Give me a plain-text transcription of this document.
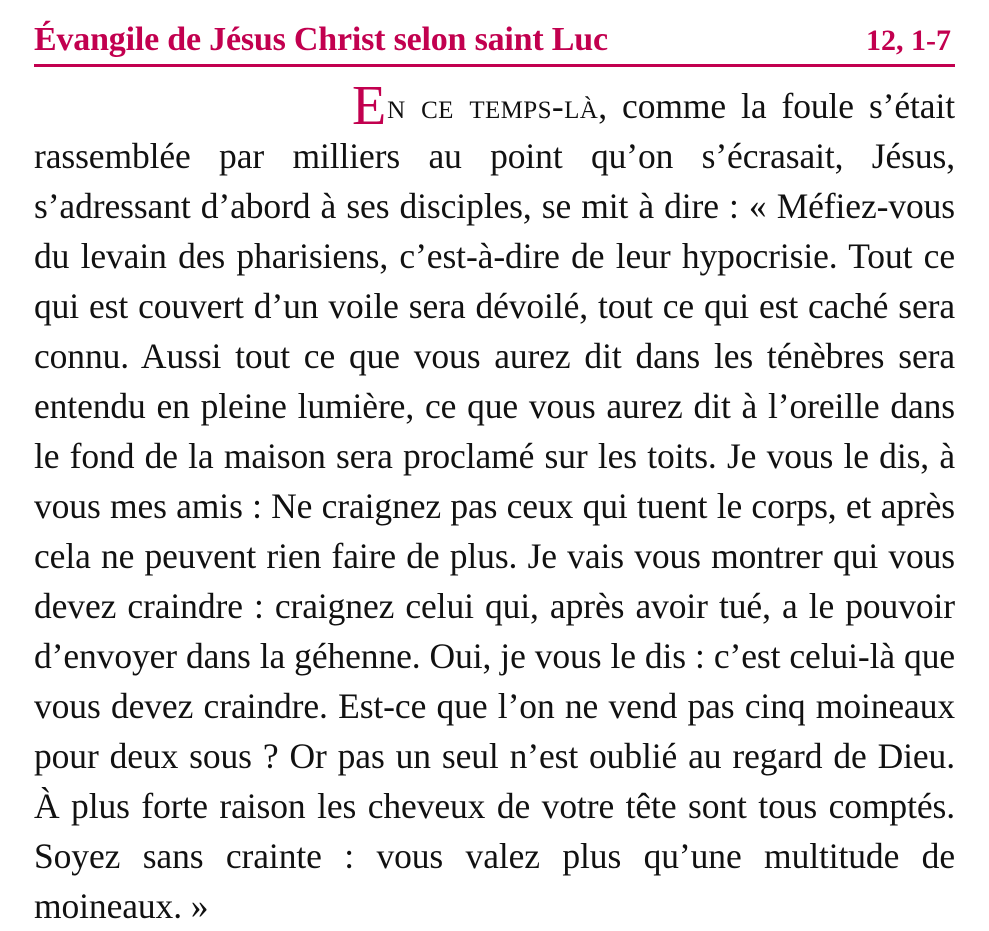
Évangile de Jésus Christ selon saint Luc	12, 1-7
En ce temps-là, comme la foule s’était rassemblée par milliers au point qu’on s’écrasait, Jésus, s’adressant d’abord à ses disciples, se mit à dire : « Méfiez-vous du levain des pharisiens, c’est-à-dire de leur hypocrisie. Tout ce qui est couvert d’un voile sera dévoilé, tout ce qui est caché sera connu. Aussi tout ce que vous aurez dit dans les ténèbres sera entendu en pleine lumière, ce que vous aurez dit à l’oreille dans le fond de la maison sera proclamé sur les toits. Je vous le dis, à vous mes amis : Ne craignez pas ceux qui tuent le corps, et après cela ne peuvent rien faire de plus. Je vais vous montrer qui vous devez craindre : craignez celui qui, après avoir tué, a le pouvoir d’envoyer dans la géhenne. Oui, je vous le dis : c’est celui-là que vous devez craindre. Est-ce que l’on ne vend pas cinq moineaux pour deux sous ? Or pas un seul n’est oublié au regard de Dieu. À plus forte raison les cheveux de votre tête sont tous comptés. Soyez sans crainte : vous valez plus qu’une multitude de moineaux. »
